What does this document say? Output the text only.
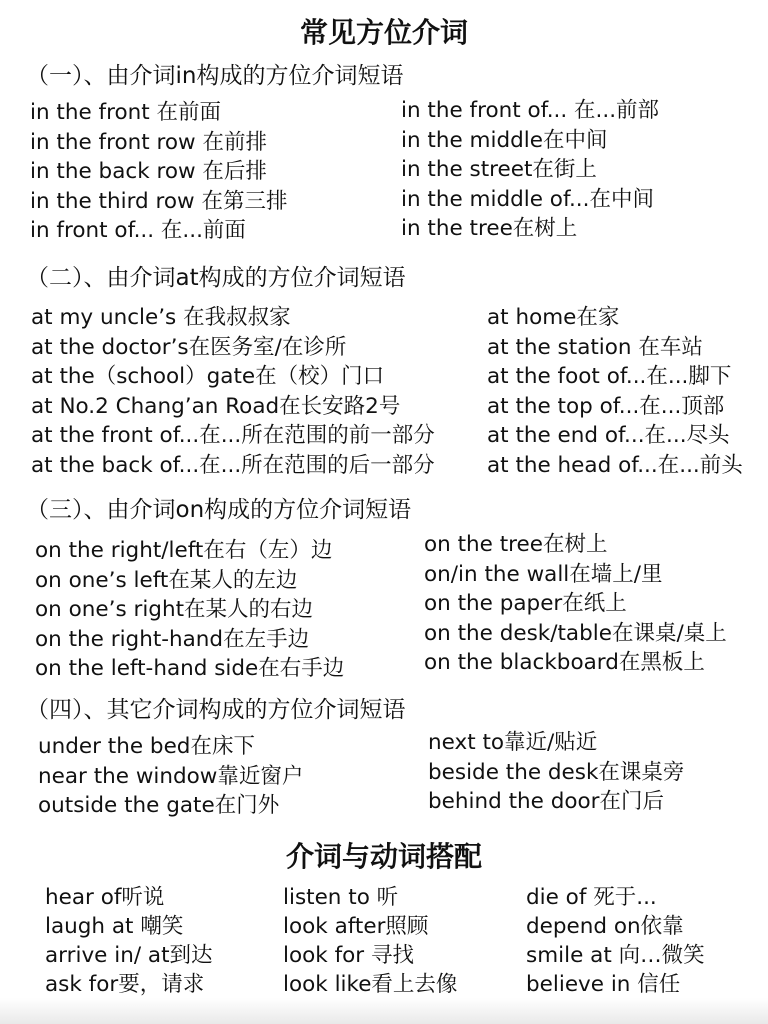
常见方位介词
（一）、由介词in构成的方位介词短语
in the front 在前面
in the front row 在前排
in the back row 在后排
in the third row 在第三排
in front of... 在...前面
in the front of... 在...前部
in the middle在中间
in the street在街上
in the middle of...在中间
in the tree在树上
（二）、由介词at构成的方位介词短语
at my uncle’s 在我叔叔家
at the doctor’s在医务室/在诊所
at the（school）gate在（校）门口
at No.2 Chang’an Road在长安路2号
at the front of...在...所在范围的前一部分
at the back of...在...所在范围的后一部分
at home在家
at the station 在车站
at the foot of...在...脚下
at the top of...在...顶部
at the end of...在...尽头
at the head of...在...前头
（三）、由介词on构成的方位介词短语
on the right/left在右（左）边
on one’s left在某人的左边
on one’s right在某人的右边
on the right-hand在左手边
on the left-hand side在右手边
on the tree在树上
on/in the wall在墙上/里
on the paper在纸上
on the desk/table在课桌/桌上
on the blackboard在黑板上
（四）、其它介词构成的方位介词短语
under the bed在床下
near the window靠近窗户
outside the gate在门外
next to靠近/贴近
beside the desk在课桌旁
behind the door在门后
介词与动词搭配
hear of听说
laugh at 嘲笑
arrive in/ at到达
ask for要，请求
listen to 听
look after照顾
look for 寻找
look like看上去像
die of 死于...
depend on依靠
smile at 向…微笑
believe in 信任
